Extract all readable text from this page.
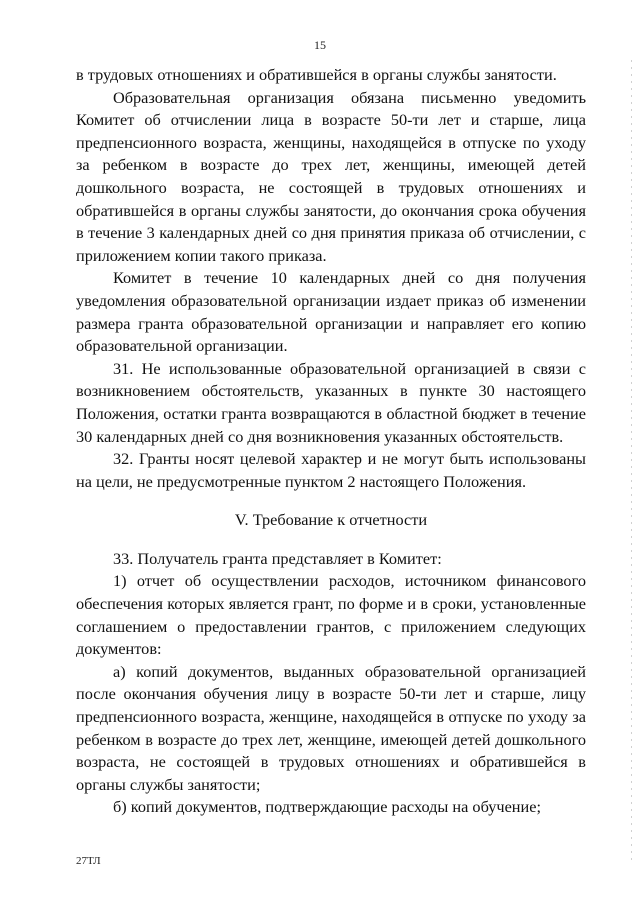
15

в трудовых отношениях и обратившейся в органы службы занятости.

Образовательная организация обязана письменно уведомить Комитет об отчислении лица в возрасте 50-ти лет и старше, лица предпенсионного возраста, женщины, находящейся в отпуске по уходу за ребенком в возрасте до трех лет, женщины, имеющей детей дошкольного возраста, не состоящей в трудовых отношениях и обратившейся в органы службы занятости, до окончания срока обучения в течение 3 календарных дней со дня принятия приказа об отчислении, с приложением копии такого приказа.

Комитет в течение 10 календарных дней со дня получения уведомления образовательной организации издает приказ об изменении размера гранта образовательной организации и направляет его копию образовательной организации.

31. Не использованные образовательной организацией в связи с возникновением обстоятельств, указанных в пункте 30 настоящего Положения, остатки гранта возвращаются в областной бюджет в течение 30 календарных дней со дня возникновения указанных обстоятельств.

32. Гранты носят целевой характер и не могут быть использованы на цели, не предусмотренные пунктом 2 настоящего Положения.

V. Требование к отчетности

33. Получатель гранта представляет в Комитет:

1) отчет об осуществлении расходов, источником финансового обеспечения которых является грант, по форме и в сроки, установленные соглашением о предоставлении грантов, с приложением следующих документов:

а) копий документов, выданных образовательной организацией после окончания обучения лицу в возрасте 50-ти лет и старше, лицу предпенсионного возраста, женщине, находящейся в отпуске по уходу за ребенком в возрасте до трех лет, женщине, имеющей детей дошкольного возраста, не состоящей в трудовых отношениях и обратившейся в органы службы занятости;

б) копий документов, подтверждающие расходы на обучение;

27ТЛ
